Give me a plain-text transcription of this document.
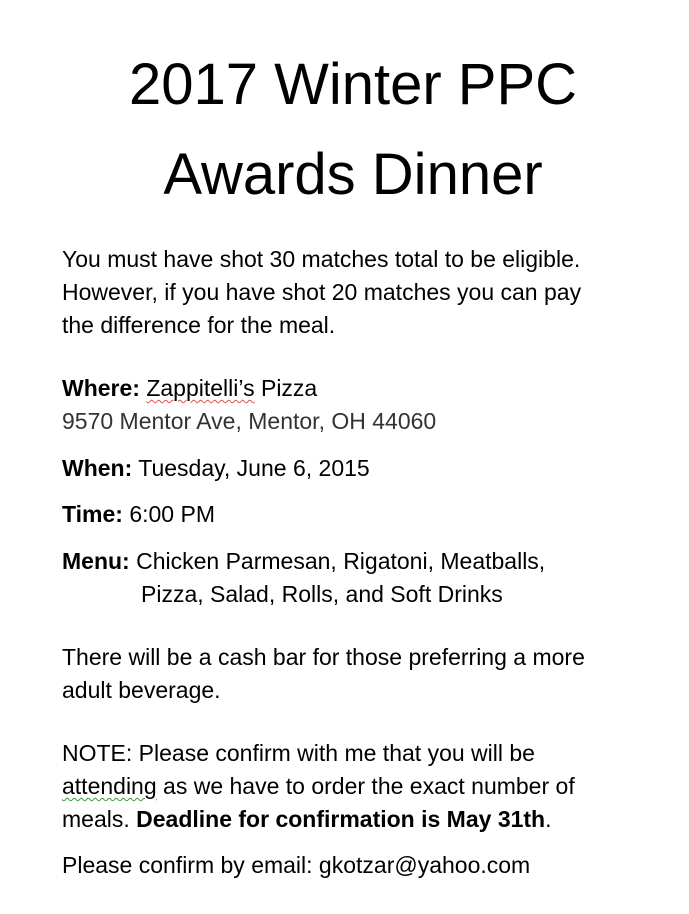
2017 Winter PPC
Awards Dinner
You must have shot 30 matches total to be eligible.
However, if you have shot 20 matches you can pay
the difference for the meal.
Where: Zappitelli’s Pizza
9570 Mentor Ave, Mentor, OH 44060
When: Tuesday, June 6, 2015
Time: 6:00 PM
Menu: Chicken Parmesan, Rigatoni, Meatballs,
Pizza, Salad, Rolls, and Soft Drinks
There will be a cash bar for those preferring a more
adult beverage.
NOTE: Please confirm with me that you will be
attending as we have to order the exact number of
meals. Deadline for confirmation is May 31th.
Please confirm by email: gkotzar@yahoo.com
